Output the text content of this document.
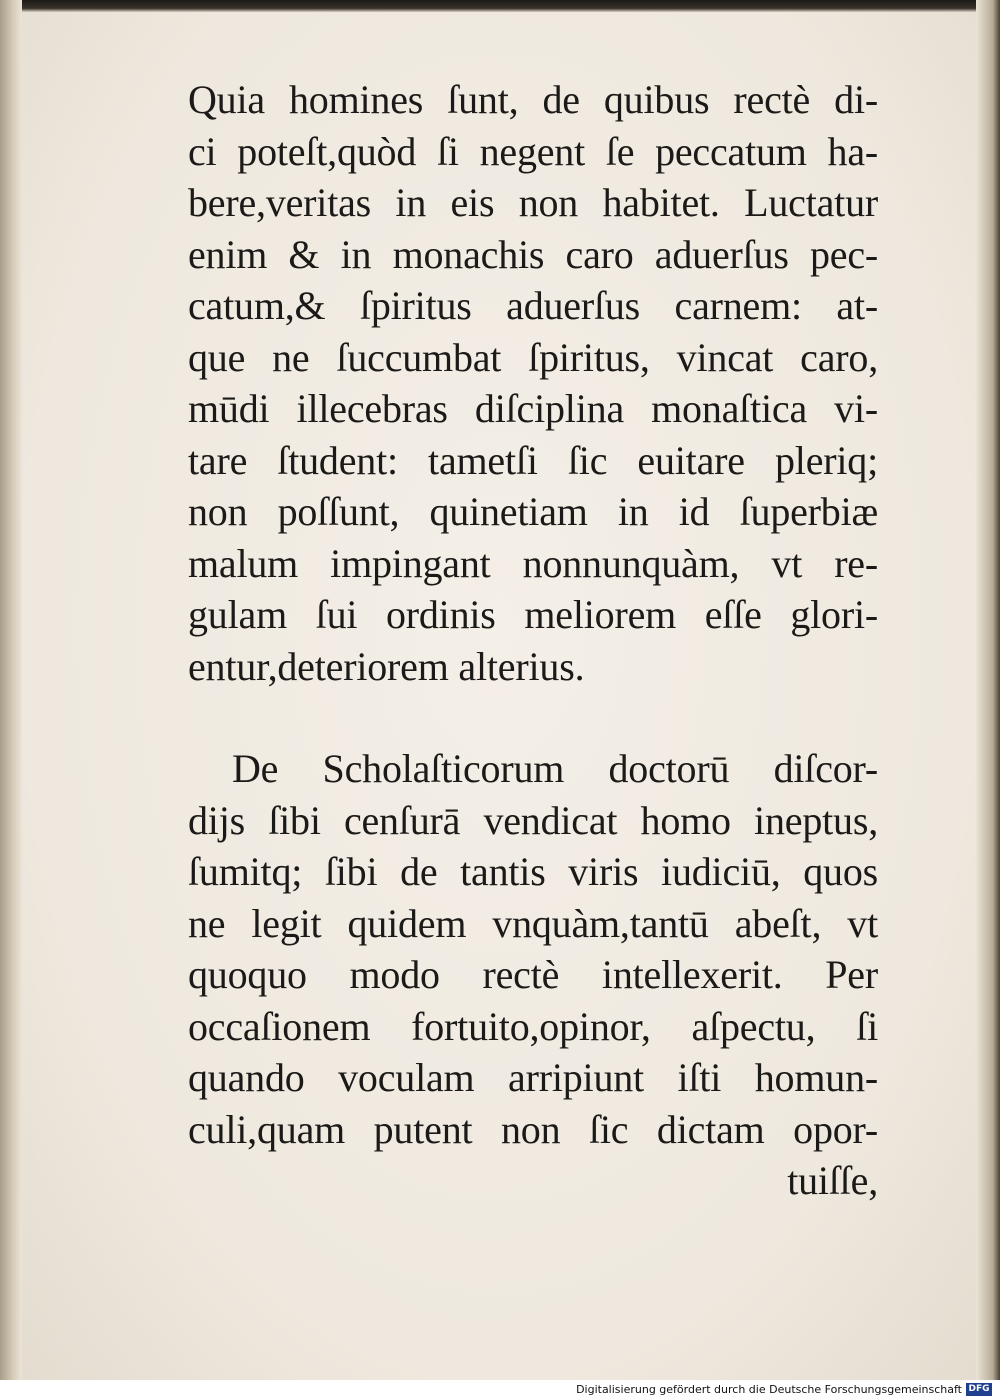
Quia homines ſunt, de quibus rectè di-
ci poteſt,quòd ſi negent ſe peccatum ha-
bere,veritas in eis non habitet. Luctatur
enim & in monachis caro aduerſus pec-
catum,& ſpiritus aduerſus carnem: at-
que ne ſuccumbat ſpiritus, vincat caro,
mūdi illecebras diſciplina monaſtica vi-
tare ſtudent: tametſi ſic euitare pleriq;
non poſſunt, quinetiam in id ſuperbiæ
malum impingant nonnunquàm, vt re-
gulam ſui ordinis meliorem eſſe glori-
entur,deteriorem alterius.
De Scholaſticorum doctorū diſcor-
dijs ſibi cenſurā vendicat homo ineptus,
ſumitq; ſibi de tantis viris iudiciū, quos
ne legit quidem vnquàm,tantū abeſt, vt
quoquo modo rectè intellexerit. Per
occaſionem fortuito,opinor, aſpectu, ſi
quando voculam arripiunt iſti homun-
culi,quam putent non ſic dictam opor-
tuiſſe,
Digitalisierung gefördert durch die Deutsche Forschungsgemeinschaft DFG
